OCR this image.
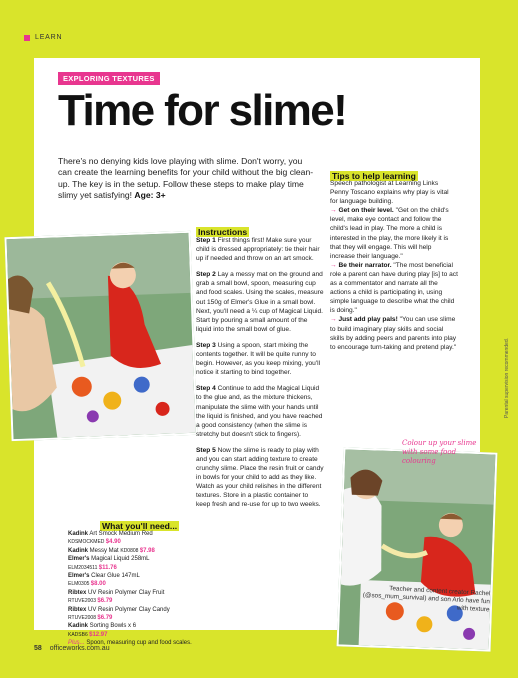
LEARN
EXPLORING TEXTURES
Time for slime!
There's no denying kids love playing with slime. Don't worry, you can create the learning benefits for your child without the big clean-up. The key is in the setup. Follow these steps to make play time slimy yet satisfying! Age: 3+
Instructions

Step 1 First things first! Make sure your child is dressed appropriately: tie their hair up if needed and throw on an art smock.

Step 2 Lay a messy mat on the ground and grab a small bowl, spoon, measuring cup and food scales. Using the scales, measure out 150g of Elmer's Glue in a small bowl. Next, you'll need a ¼ cup of Magical Liquid. Start by pouring a small amount of the liquid into the small bowl of glue.

Step 3 Using a spoon, start mixing the contents together. It will be quite runny to begin. However, as you keep mixing, you'll notice it starting to bind together.

Step 4 Continue to add the Magical Liquid to the glue and, as the mixture thickens, manipulate the slime with your hands until the liquid is finished, and you have reached a good consistency (when the slime is stretchy but doesn't stick to fingers).

Step 5 Now the slime is ready to play with and you can start adding texture to create crunchy slime. Place the resin fruit or candy in bowls for your child to add as they like. Watch as your child relishes in the different textures. Store in a plastic container to keep fresh and re-use for up to two weeks.

Tips to help learning

Speech pathologist at Learning Links Penny Toscano explains why play is vital for language building.

→ Get on their level. "Get on the child's level, make eye contact and follow the child's lead in play. The more a child is interested in the play, the more likely it is that they will engage. This will help increase their language."

→ Be their narrator. "The most beneficial role a parent can have during play [is] to act as a commentator and narrate all the actions a child is participating in, using simple language to describe what the child is doing."

→ Just add play pals! "You can use slime to build imaginary play skills and social skills by adding peers and parents into play to encourage turn-taking and pretend play."	Parental supervision recommended.
What you'll need...

Kadink Art Smock Medium Red
KDSMOCKMED $4.90

Kadink Messy Mat KD0808 $7.98

Elmer's Magical Liquid 258mL
ELM2034511 $11.76

Elmer's Clear Glue 147mL
ELM0305 $8.00

Ribtex UV Resin Polymer Clay Fruit
RTUVE2003 $6.79

Ribtex UV Resin Polymer Clay Candy
RTUVE2008 $6.79

Kadink Sorting Bowls x 6
KADSB6 $12.97

Plus... Spoon, measuring cup and food scales.

Colour up your slime with some food colouring
Teacher and content creator Rachel (@sos_mum_survival) and son Arlo have fun with texture
58 officeworks.com.au
